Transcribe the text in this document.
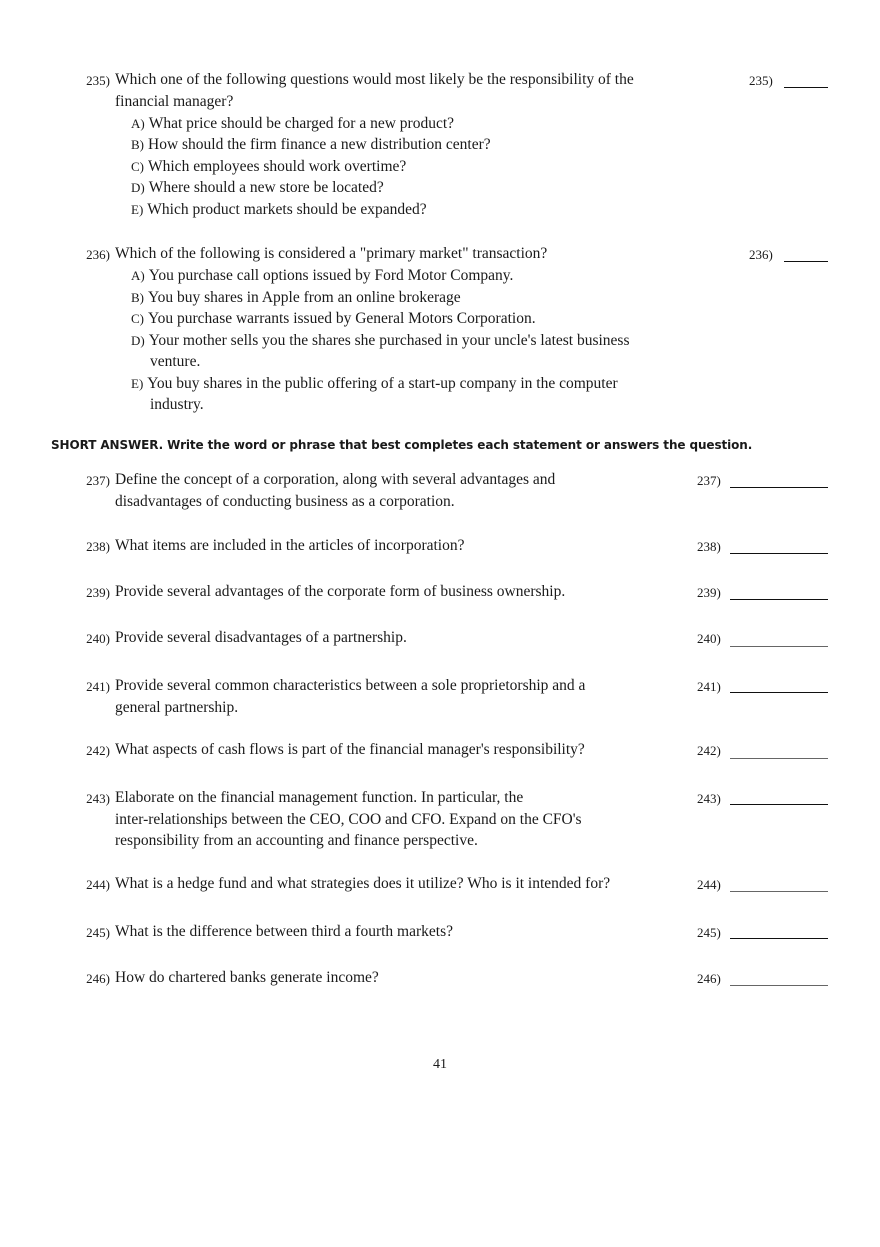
235) Which one of the following questions would most likely be the responsibility of the
financial manager?
A) What price should be charged for a new product?
B) How should the firm finance a new distribution center?
C) Which employees should work overtime?
D) Where should a new store be located?
E) Which product markets should be expanded?
235)
236) Which of the following is considered a "primary market" transaction?
A) You purchase call options issued by Ford Motor Company.
B) You buy shares in Apple from an online brokerage
C) You purchase warrants issued by General Motors Corporation.
D) Your mother sells you the shares she purchased in your uncle's latest business
venture.
E) You buy shares in the public offering of a start-up company in the computer
industry.
236)
SHORT ANSWER. Write the word or phrase that best completes each statement or answers the question.
237) Define the concept of a corporation, along with several advantages and
disadvantages of conducting business as a corporation.
237)
238) What items are included in the articles of incorporation?	238)
239) Provide several advantages of the corporate form of business ownership.	239)
240) Provide several disadvantages of a partnership.	240)
241) Provide several common characteristics between a sole proprietorship and a
general partnership.
241)
242) What aspects of cash flows is part of the financial manager's responsibility?	242)
243) Elaborate on the financial management function. In particular, the
inter-relationships between the CEO, COO and CFO. Expand on the CFO's
responsibility from an accounting and finance perspective.
243)
244) What is a hedge fund and what strategies does it utilize? Who is it intended for?	244)
245) What is the difference between third a fourth markets?	245)
246) How do chartered banks generate income?	246)
41
